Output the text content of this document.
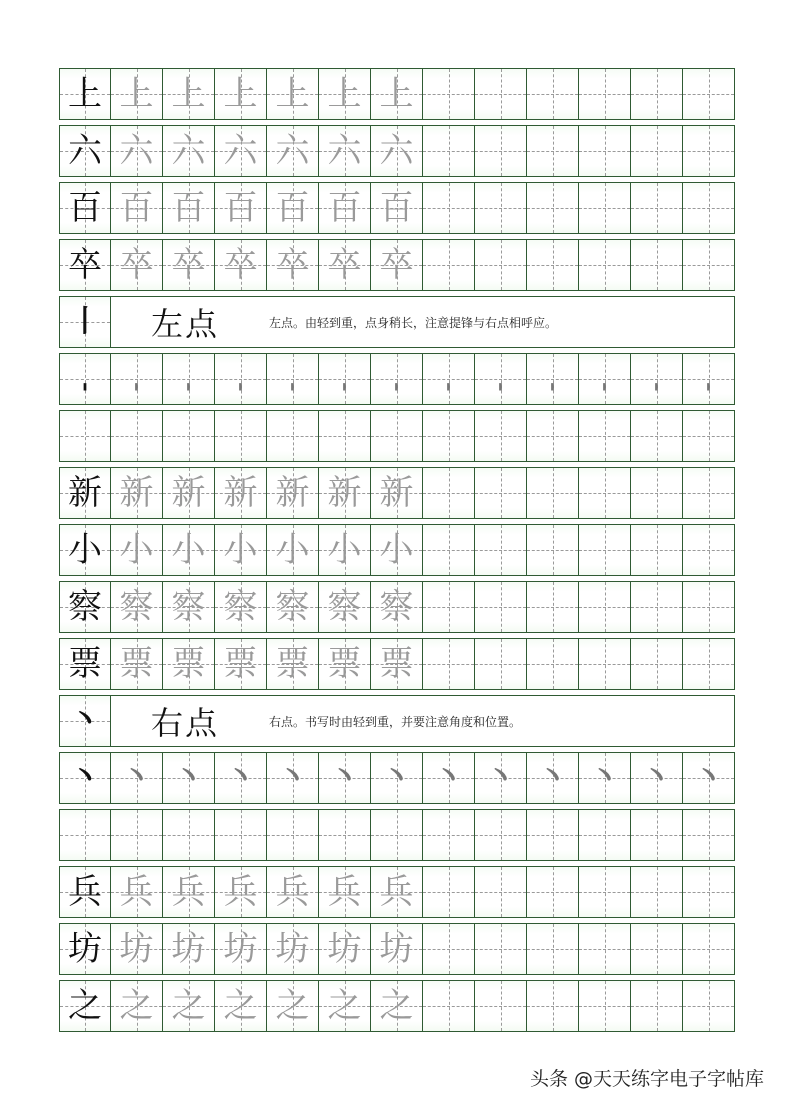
上 上 上 上 上 上 上
六 六 六 六 六 六 六
百 百 百 百 百 百 百
卒 卒 卒 卒 卒 卒 卒
丨	左点	左点。由轻到重，点身稍长，注意提锋与右点相呼应。
ˌ	ˌ	ˌ	ˌ	ˌ	ˌ	ˌ	ˌ	ˌ	ˌ	ˌ	ˌ	ˌ
新 新 新 新 新 新 新
小 小 小 小 小 小 小
察 察 察 察 察 察 察
票 票 票 票 票 票 票
丶	右点	右点。书写时由轻到重，并要注意角度和位置。
丶 丶 丶 丶 丶 丶 丶 丶 丶 丶 丶 丶 丶
兵 兵 兵 兵 兵 兵 兵
坊 坊 坊 坊 坊 坊 坊
之 之 之 之 之 之 之
头条 @天天练字电子字帖库
